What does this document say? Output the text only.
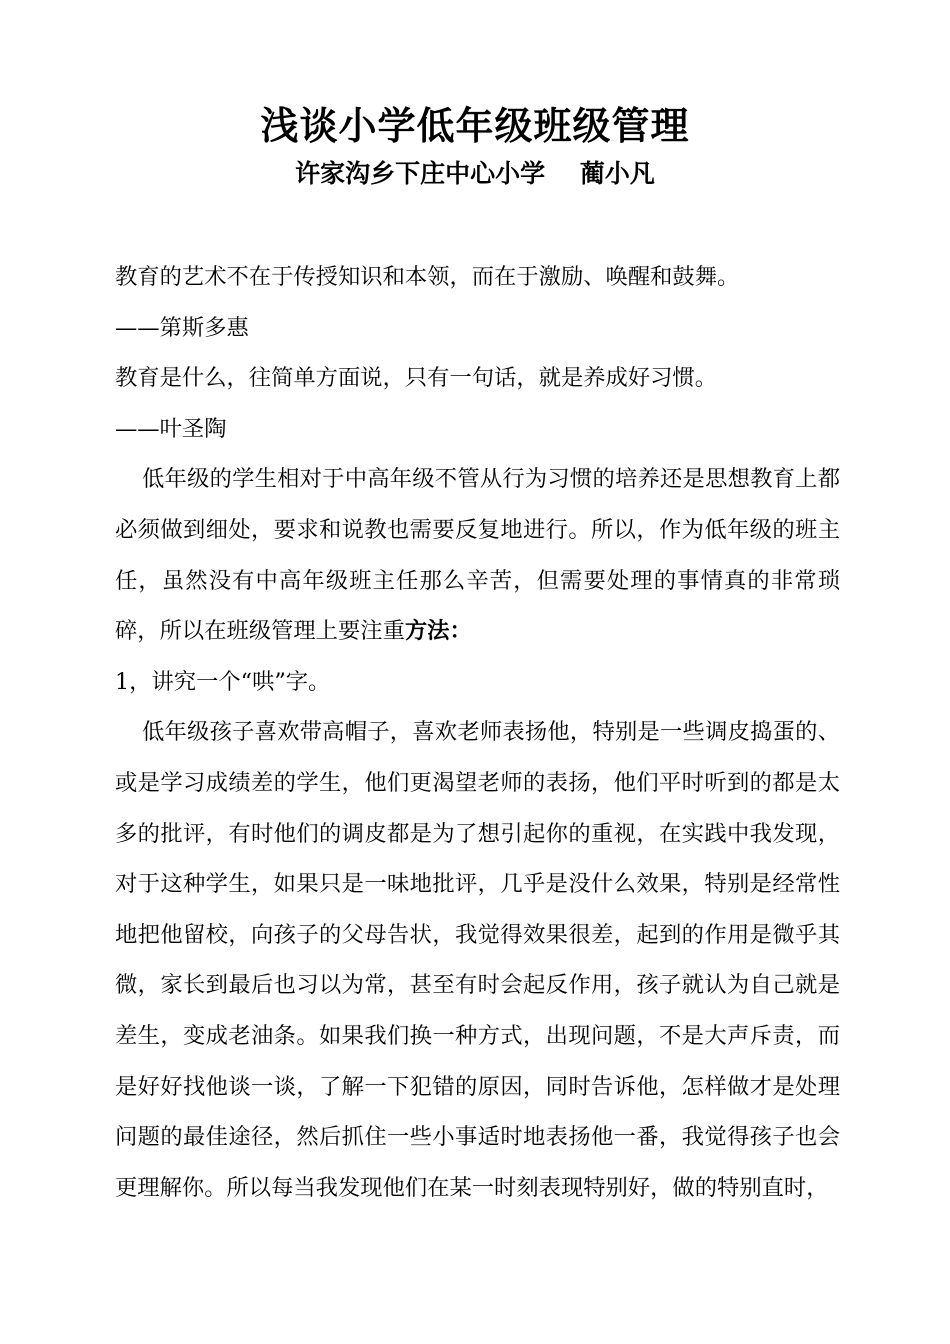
浅谈小学低年级班级管理
许家沟乡下庄中心小学    蔺小凡

教育的艺术不在于传授知识和本领，而在于激励、唤醒和鼓舞。

——第斯多惠

教育是什么，往简单方面说，只有一句话，就是养成好习惯。

——叶圣陶

低年级的学生相对于中高年级不管从行为习惯的培养还是思想教育上都必须做到细处，要求和说教也需要反复地进行。所以，作为低年级的班主任，虽然没有中高年级班主任那么辛苦，但需要处理的事情真的非常琐碎，所以在班级管理上要注重方法：

1，讲究一个“哄”字。

低年级孩子喜欢带高帽子，喜欢老师表扬他，特别是一些调皮捣蛋的、或是学习成绩差的学生，他们更渴望老师的表扬，他们平时听到的都是太多的批评，有时他们的调皮都是为了想引起你的重视，在实践中我发现，对于这种学生，如果只是一味地批评，几乎是没什么效果，特别是经常性地把他留校，向孩子的父母告状，我觉得效果很差，起到的作用是微乎其微，家长到最后也习以为常，甚至有时会起反作用，孩子就认为自己就是差生，变成老油条。如果我们换一种方式，出现问题，不是大声斥责，而是好好找他谈一谈，了解一下犯错的原因，同时告诉他，怎样做才是处理问题的最佳途径，然后抓住一些小事适时地表扬他一番，我觉得孩子也会更理解你。所以每当我发现他们在某一时刻表现特别好，做的特别直时，
